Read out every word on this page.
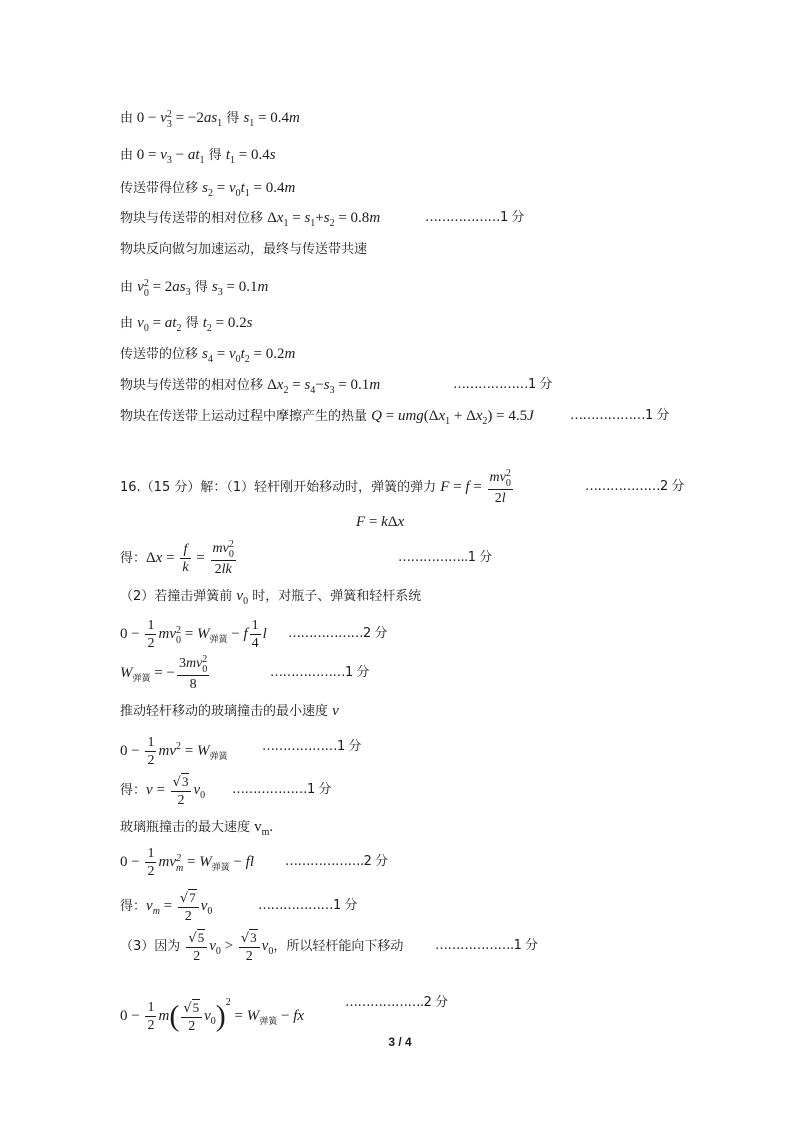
由 0 − v 2
$3 = -2as_1$ 得 $s_1 = 0.4m$
由 $0 = v_3 - at_1$ 得 $t_1 = 0.4s$
传送带得位移 $s_2 = v_0t_1 = 0.4m$
物块与传送带的相对位移 $\Delta x_1 = s_1+s_2 = 0.8m$	………………1 分
物块反向做匀加速运动，最终与传送带共速
由 v 2
$0 = 2as_3$ 得 $s_3 = 0.1m$
由 $v_0 = at_2$ 得 $t_2 = 0.2s$
传送带的位移 $s_4 = v_0t_2 = 0.2m$
物块与传送带的相对位移 $\Delta x_2 = s_4-s_3 = 0.1m$	………………1 分
物块在传送带上运动过程中摩擦产生的热量 $Q = umg(\Delta x_1 + \Delta x_2) = 4.5J$	………………1 分
16.（15 分）解：（1）轻杆刚开始移动时，弹簧的弹力 F = f = mv 2
0
2l	………………2 分
F = kΔx
得：$\Delta x = \frac{f}{k}$ = mv 2
0
2lk	……………..1 分
（2）若撞击弹簧前 $v_0$ 时，对瓶子、弹簧和轻杆系统
$0 - \frac{1}{2}$ mv 2
$0 = W_{弹簧} - f \frac{1}{4}$ l ………………2 分
$W_{弹簧}$ = − 3mv 2
0
8	………………1 分
推动轻杆移动的玻璃撞击的最小速度 v
$0 - \frac{1}{2} mv^2 = W_{弹簧}$
………………1 分
得：$v = \frac{√3}{2} v_0$ ………………1 分
玻璃瓶撞击的最大速度 $v_m$.
$0 - \frac{1}{2}$ mv 2
$m = W_{弹簧}$ − fl ……………….2 分
得：$v_m = \frac{√7}{2} v_0$	………………1 分
（3）因为 $\frac{√5}{2} v_0 > \frac{√3}{2} v_0$，所以轻杆能向下移动 ……………….1 分
$0 - \frac{1}{2} m( \frac{√5}{2} v_0)^2 = W_{弹簧}$ − fx
……………….2 分
3 / 4
